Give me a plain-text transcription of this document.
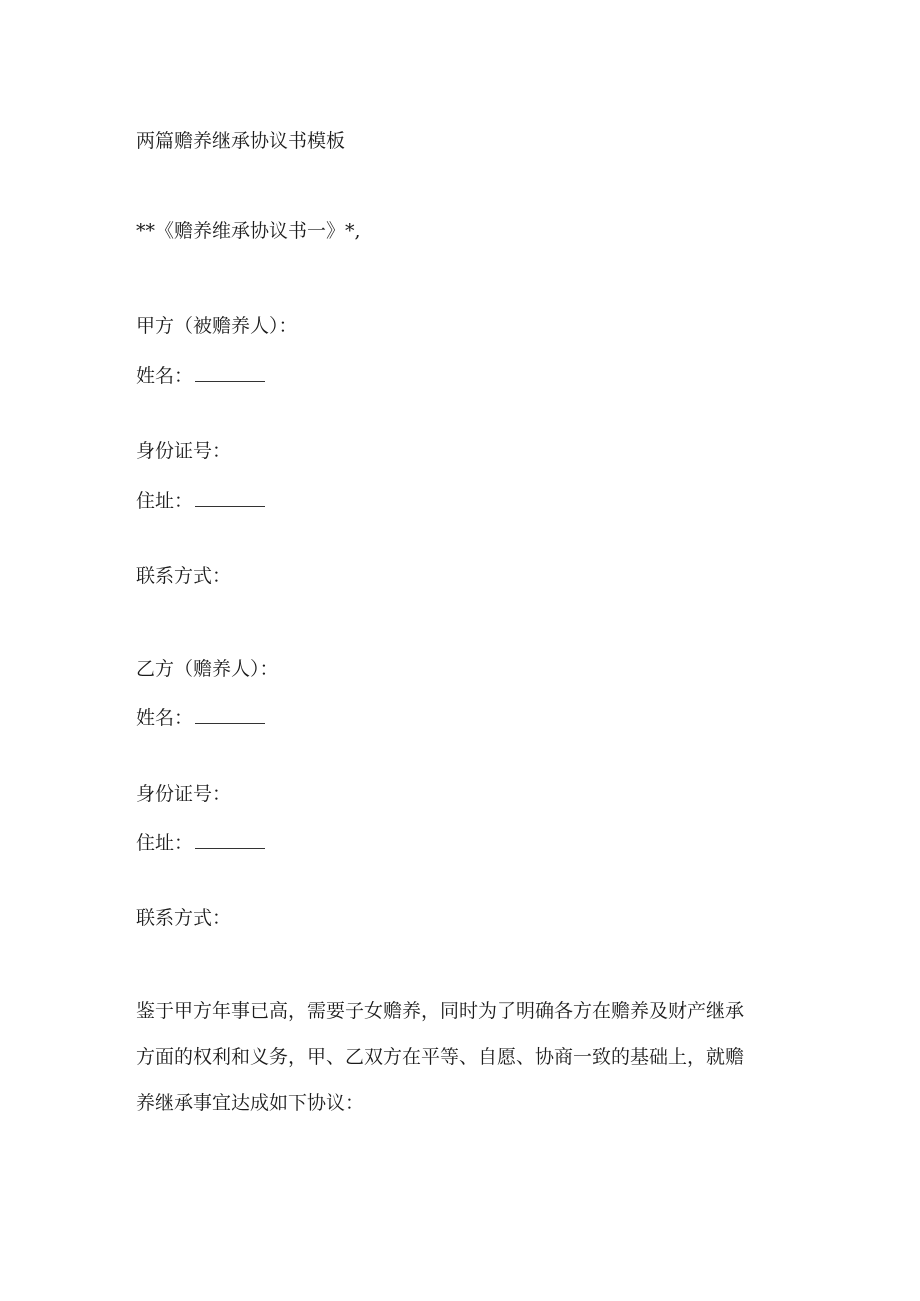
两篇赡养继承协议书模板

**《赡养维承协议书一》*,

甲方（被赡养人）：

姓名：

身份证号：

住址：

联系方式：

乙方（赡养人）：

姓名：

身份证号：

住址：

联系方式：

鉴于甲方年事已高，需要子女赡养，同时为了明确各方在赡养及财产继承
方面的权利和义务，甲、乙双方在平等、自愿、协商一致的基础上，就赡
养继承事宜达成如下协议：
